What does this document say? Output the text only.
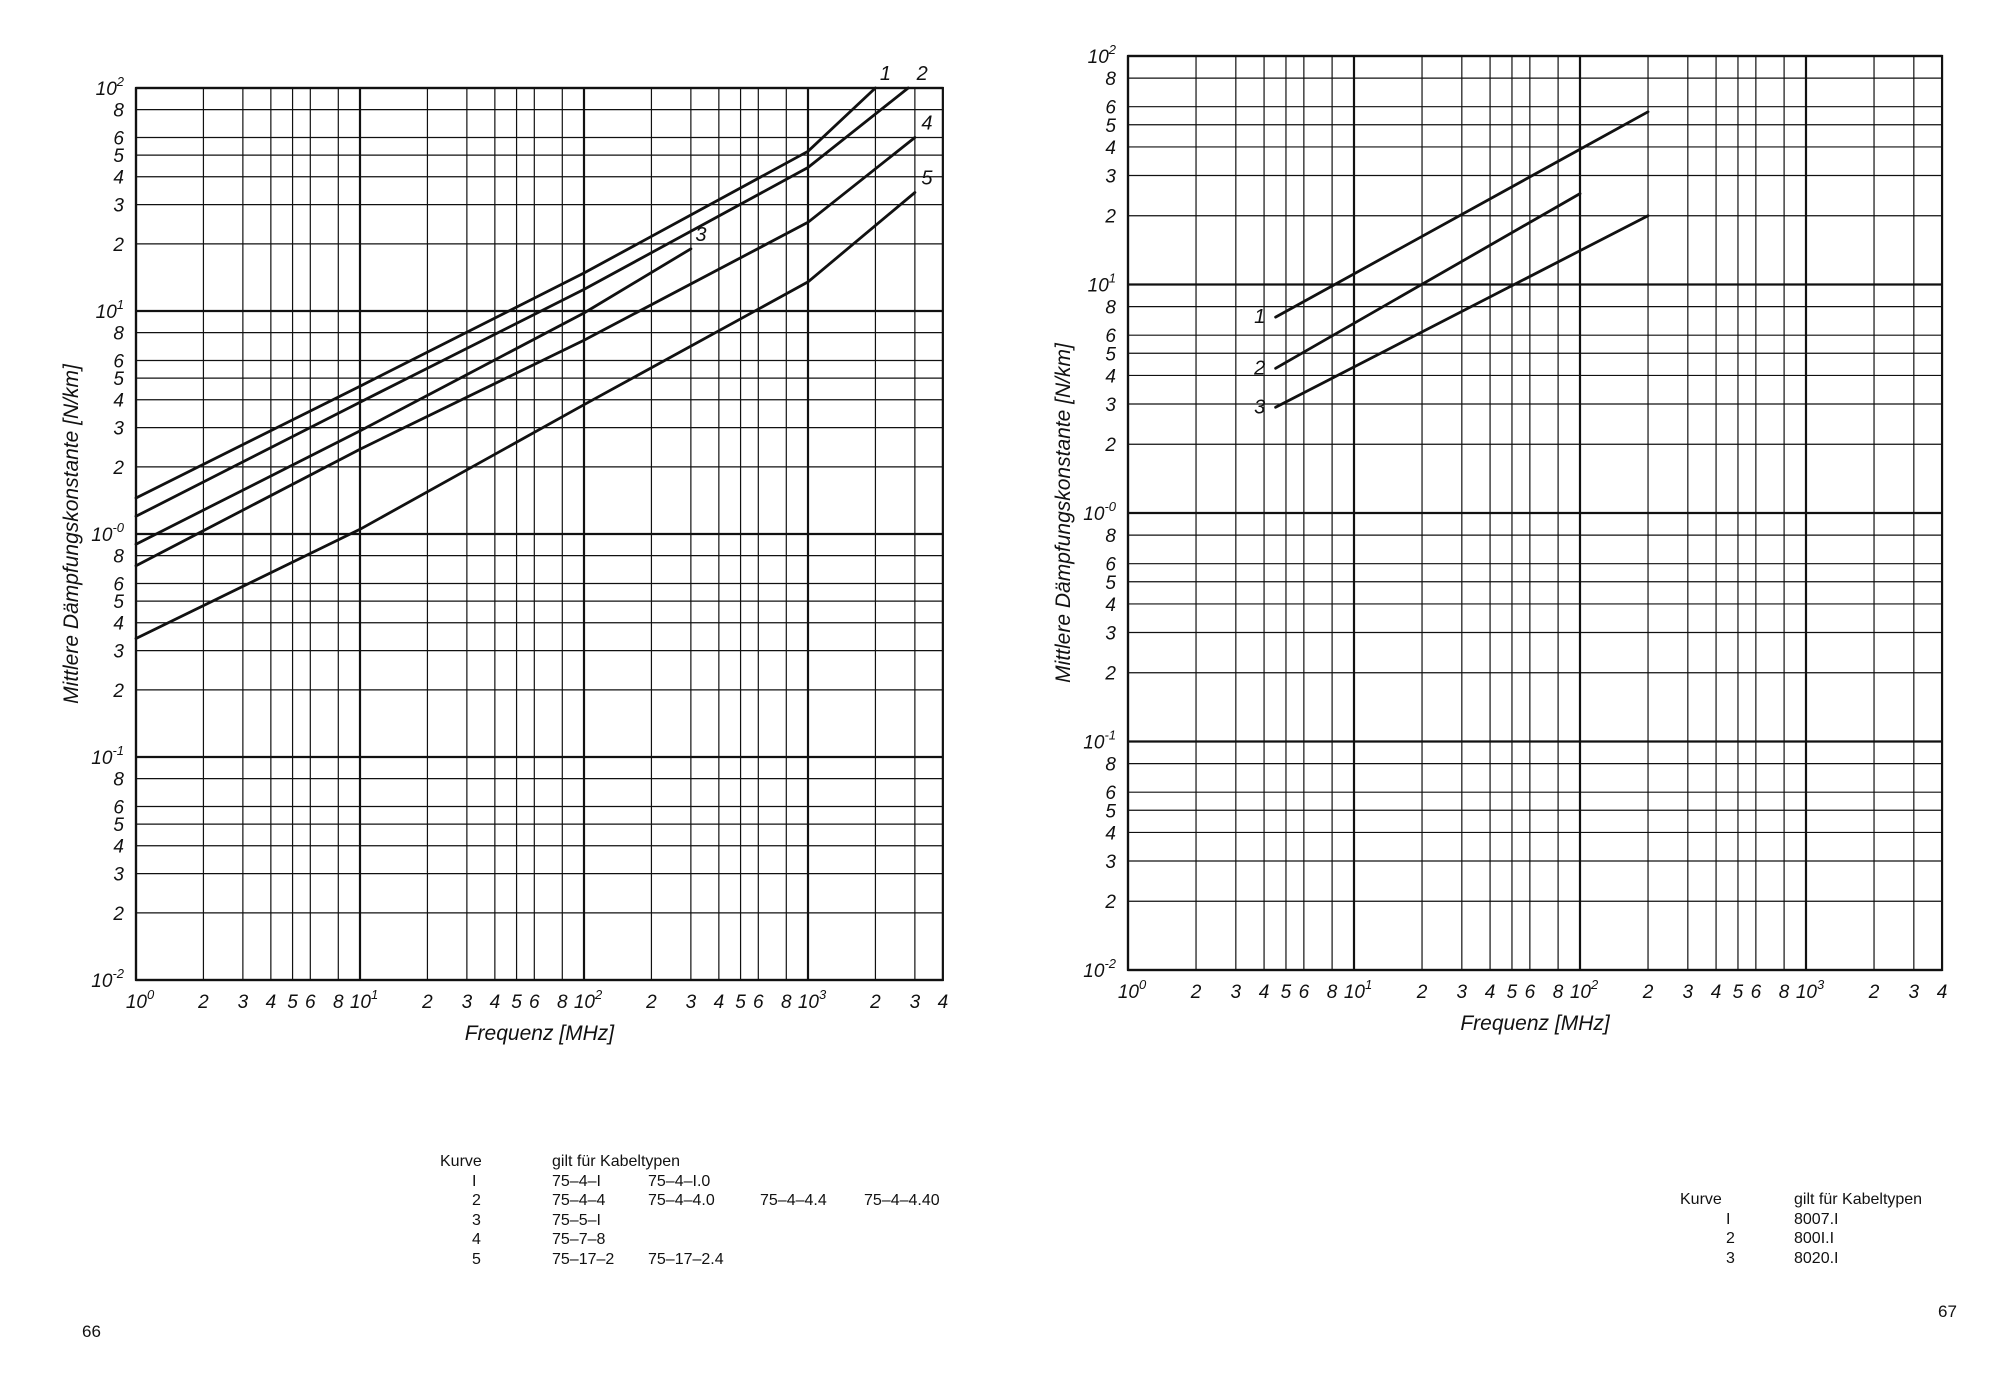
$10^0$ 2 3 4 5 6 8 $10^1$ 2 3 4 5 6 8 $10^2$ 2 3 4 5 6 8 $10^3$ 2 3 4
$10^{-2}$
2
3
4
5
6
8
$10^{-1}$
2
3
4
5
6
8
$10^{-0}$
2
3
4
5
6
8
$10^1$
2
3
4
5
6
8
$10^2$
Frequenz [MHz]
Mittlere Dämpfungskonstante [N/km]
1 2
3
4
5
$10^0$ 2 3 4 5 6 8 $10^1$ 2 3 4 5 6 8 $10^2$ 2 3 4 5 6 8 $10^3$ 2 3 4
$10^{-2}$
2
3
4
5
6
8
$10^{-1}$
2
3
4
5
6
8
$10^{-0}$
2
3
4
5
6
8
$10^1$
2
3
4
5
6
8
$10^2$
Frequenz [MHz]
Mittlere Dämpfungskonstante [N/km]
1
2
3
Kurve	gilt für Kabeltypen
I	75–4–I	75–4–I.0
2	75–4–4	75–4–4.0	75–4–4.4 75–4–4.40
3	75–5–I
4	75–7–8
5	75–17–2 75–17–2.4
Kurve	gilt für Kabeltypen
I	8007.I
2	800I.I
3	8020.I
66
67
